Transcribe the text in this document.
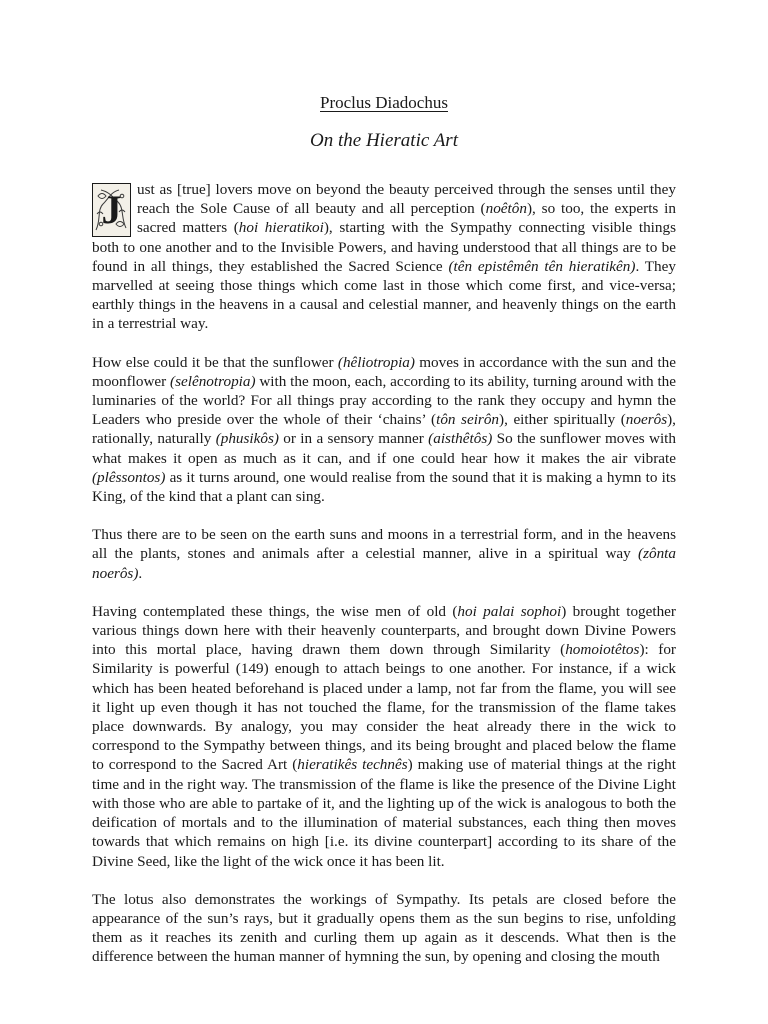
Proclus Diadochus

On the Hieratic Art

J	ust as [true] lovers move on beyond the beauty perceived through the senses until they reach the Sole Cause of all beauty and all perception (noêtôn), so too, the experts in sacred matters (hoi hieratikoi), starting with the Sympathy connecting visible things both to one another and to the Invisible Powers, and having understood that all things are to be found in all things, they established the Sacred Science (tên epistêmên tên hieratikên). They marvelled at seeing those things which come last in those which come first, and vice-versa; earthly things in the heavens in a causal and celestial manner, and heavenly things on the earth in a terrestrial way.

How else could it be that the sunflower (hêliotropia) moves in accordance with the sun and the moonflower (selênotropia) with the moon, each, according to its ability, turning around with the luminaries of the world? For all things pray according to the rank they occupy and hymn the Leaders who preside over the whole of their ‘chains’ (tôn seirôn), either spiritually (noerôs), rationally, naturally (phusikôs) or in a sensory manner (aisthêtôs) So the sunflower moves with what makes it open as much as it can, and if one could hear how it makes the air vibrate (plêssontos) as it turns around, one would realise from the sound that it is making a hymn to its King, of the kind that a plant can sing.

Thus there are to be seen on the earth suns and moons in a terrestrial form, and in the heavens all the plants, stones and animals after a celestial manner, alive in a spiritual way (zônta noerôs).

Having contemplated these things, the wise men of old (hoi palai sophoi) brought together various things down here with their heavenly counterparts, and brought down Divine Powers into this mortal place, having drawn them down through Similarity (homoiotêtos): for Similarity is powerful (149) enough to attach beings to one another. For instance, if a wick which has been heated beforehand is placed under a lamp, not far from the flame, you will see it light up even though it has not touched the flame, for the transmission of the flame takes place downwards. By analogy, you may consider the heat already there in the wick to correspond to the Sympathy between things, and its being brought and placed below the flame to correspond to the Sacred Art (hieratikês technês) making use of material things at the right time and in the right way. The transmission of the flame is like the presence of the Divine Light with those who are able to partake of it, and the lighting up of the wick is analogous to both the deification of mortals and to the illumination of material substances, each thing then moves towards that which remains on high [i.e. its divine counterpart] according to its share of the Divine Seed, like the light of the wick once it has been lit.

The lotus also demonstrates the workings of Sympathy. Its petals are closed before the appearance of the sun’s rays, but it gradually opens them as the sun begins to rise, unfolding them as it reaches its zenith and curling them up again as it descends. What then is the difference between the human manner of hymning the sun, by opening and closing the mouth
